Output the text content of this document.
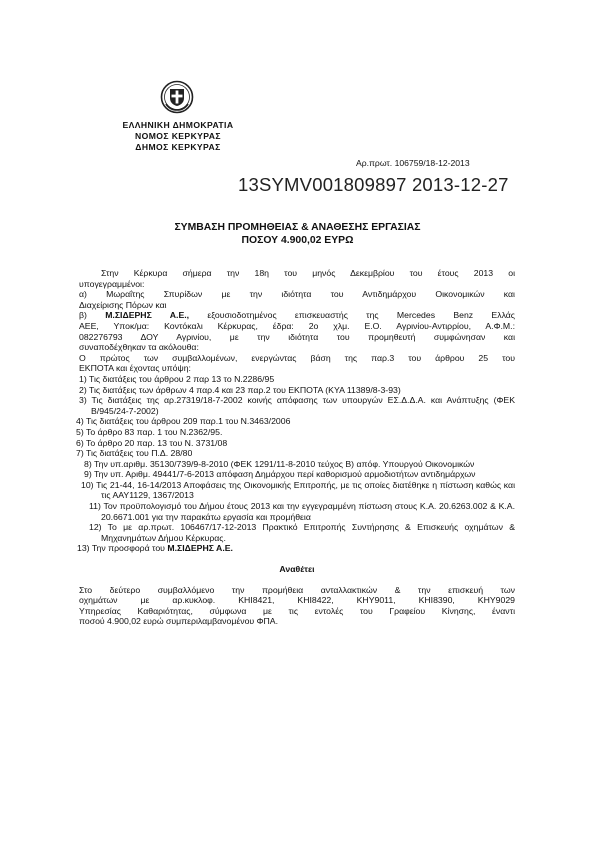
ΕΛΛΗΝΙΚΗ ΔΗΜΟΚΡΑΤΙΑ
ΝΟΜΟΣ ΚΕΡΚΥΡΑΣ
ΔΗΜΟΣ ΚΕΡΚΥΡΑΣ
Αρ.πρωτ. 106759/18-12-2013
13SYMV001809897 2013-12-27
ΣΥΜΒΑΣΗ ΠΡΟΜΗΘΕΙΑΣ & ΑΝΑΘΕΣΗΣ ΕΡΓΑΣΙΑΣ
ΠΟΣΟΥ 4.900,02 ΕΥΡΩ

Στην Κέρκυρα σήμερα την 18η του μηνός Δεκεμβρίου του έτους 2013 οι

υπογεγραμμένοι:

α) Μωραΐτης Σπυρίδων με την ιδιότητα του Αντιδημάρχου Οικονομικών και

Διαχείρισης Πόρων και

β) Μ.ΣΙΔΕΡΗΣ Α.Ε., εξουσιοδοτημένος επισκευαστής της Mercedes Benz Ελλάς

ΑΕΕ, Υποκ/μα: Κοντόκαλι Κέρκυρας, έδρα: 2ο χλμ. Ε.Ο. Αγρινίου-Αντιρρίου, Α.Φ.Μ.:

082276793 ΔΟΥ Αγρινίου, με την ιδιότητα του προμηθευτή συμφώνησαν και

συναποδέχθηκαν τα ακόλουθα:

Ο πρώτος των συμβαλλομένων, ενεργώντας βάση της παρ.3 του άρθρου 25 του

ΕΚΠΟΤΑ και έχοντας υπόψη:

1) Τις διατάξεις του άρθρου 2 παρ 13 το Ν.2286/95

2) Τις διατάξεις των άρθρων 4 παρ.4 και 23 παρ.2 του ΕΚΠΟΤΑ (ΚΥΑ 11389/8-3-93)

3) Τις διατάξεις της αρ.27319/18-7-2002 κοινής απόφασης των υπουργών ΕΣ.Δ.Δ.Α. και Ανάπτυξης (ΦΕΚ Β/945/24-7-2002)

4) Τις διατάξεις του άρθρου 209 παρ.1 του Ν.3463/2006

5) Το άρθρο 83 παρ. 1 του Ν.2362/95.

6) Το άρθρο 20 παρ. 13 του Ν. 3731/08

7) Τις διατάξεις του Π.Δ. 28/80

8) Την υπ.αριθμ. 35130/739/9-8-2010 (ΦΕΚ 1291/11-8-2010 τεύχος Β) απόφ. Υπουργού Οικονομικών

9) Την υπ. Αριθμ. 49441/7-6-2013 απόφαση Δημάρχου περί καθορισμού αρμοδιοτήτων αντιδημάρχων

10) Τις 21-44, 16-14/2013 Αποφάσεις της Οικονομικής Επιτροπής, με τις οποίες διατέθηκε η πίστωση καθώς και τις ΑΑΥ1129, 1367/2013

11) Τον προϋπολογισμό του Δήμου έτους 2013 και την εγγεγραμμένη πίστωση στους Κ.Α. 20.6263.002 & Κ.Α. 20.6671.001 για την παρακάτω εργασία και προμήθεια

12) Το με αρ.πρωτ. 106467/17-12-2013 Πρακτικό Επιτροπής Συντήρησης & Επισκευής οχημάτων & Μηχανημάτων Δήμου Κέρκυρας.

13) Την προσφορά του Μ.ΣΙΔΕΡΗΣ Α.Ε.

Αναθέτει

Στο δεύτερο συμβαλλόμενο την προμήθεια ανταλλακτικών & την επισκευή των

οχημάτων με αρ.κυκλοφ. ΚΗΙ8421, ΚΗΙ8422, ΚΗΥ9011, ΚΗΙ8390, ΚΗΥ9029

Υπηρεσίας Καθαριότητας, σύμφωνα με τις εντολές του Γραφείου Κίνησης, έναντι

ποσού 4.900,02 ευρώ συμπεριλαμβανομένου ΦΠΑ.
